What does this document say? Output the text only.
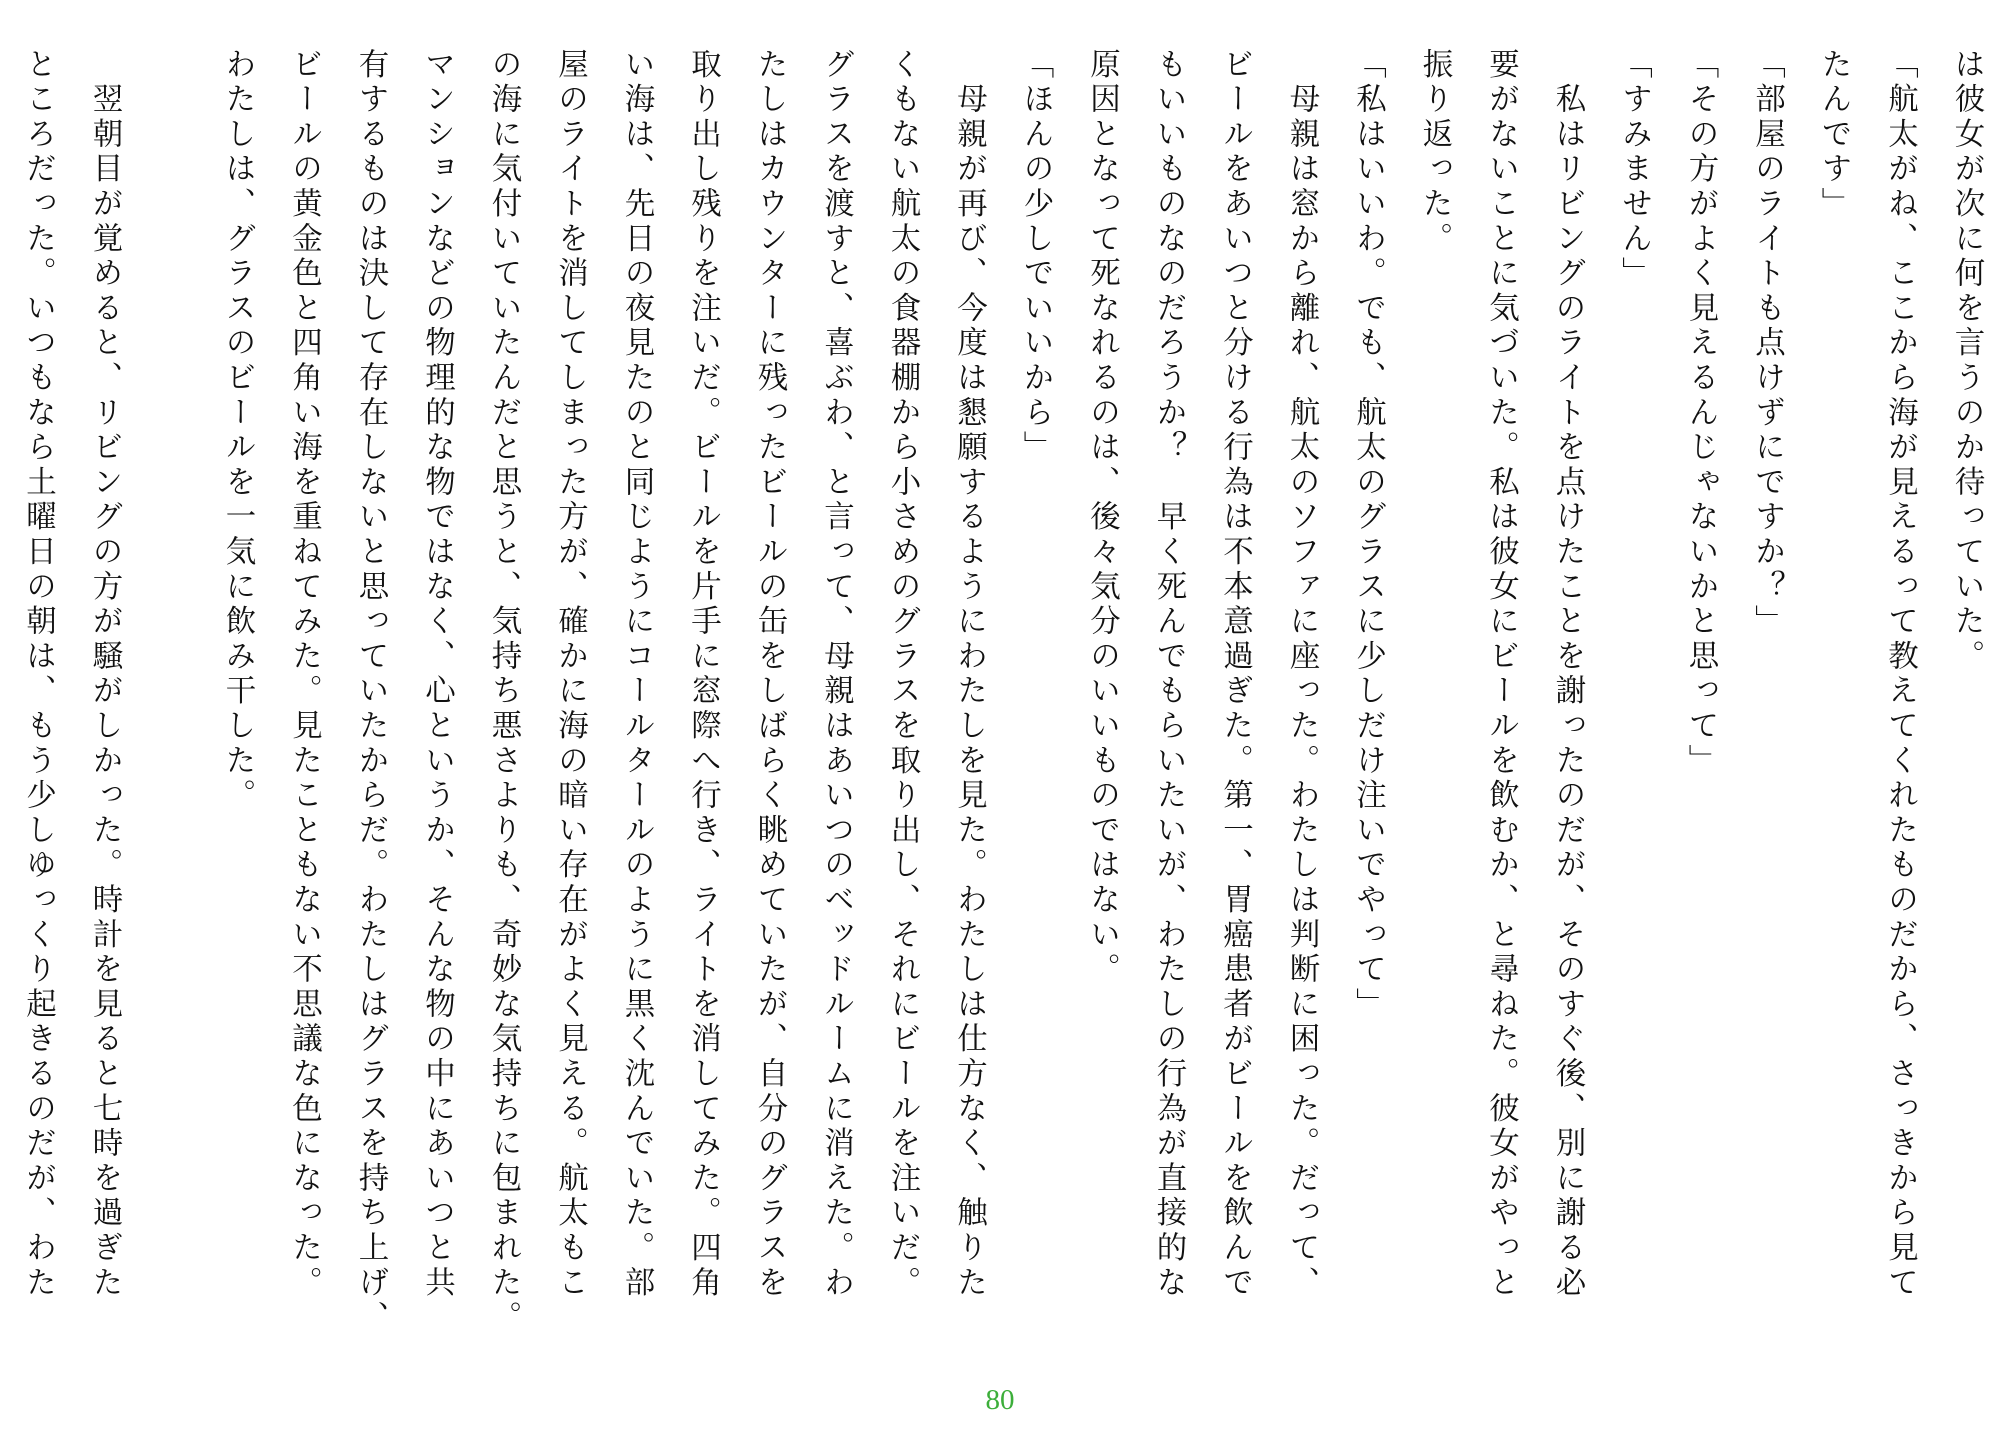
は彼女が次に何を言うのか待っていた。
「航太がね、ここから海が見えるって教えてくれたものだから、さっきから見て
たんです」
「部屋のライトも点けずにですか？」
「その方がよく見えるんじゃないかと思って」
「すみません」
　私はリビングのライトを点けたことを謝ったのだが、そのすぐ後、別に謝る必
要がないことに気づいた。私は彼女にビールを飲むか、と尋ねた。彼女がやっと
振り返った。
「私はいいわ。でも、航太のグラスに少しだけ注いでやって」
　母親は窓から離れ、航太のソファに座った。わたしは判断に困った。だって、
ビールをあいつと分ける行為は不本意過ぎた。第一、胃癌患者がビールを飲んで
もいいものなのだろうか？　早く死んでもらいたいが、わたしの行為が直接的な
原因となって死なれるのは、後々気分のいいものではない。
「ほんの少しでいいから」
　母親が再び、今度は懇願するようにわたしを見た。わたしは仕方なく、触りた
くもない航太の食器棚から小さめのグラスを取り出し、それにビールを注いだ。
グラスを渡すと、喜ぶわ、と言って、母親はあいつのベッドルームに消えた。わ
たしはカウンターに残ったビールの缶をしばらく眺めていたが、自分のグラスを
取り出し残りを注いだ。ビールを片手に窓際へ行き、ライトを消してみた。四角
い海は、先日の夜見たのと同じようにコールタールのように黒く沈んでいた。部
屋のライトを消してしまった方が、確かに海の暗い存在がよく見える。航太もこ
の海に気付いていたんだと思うと、気持ち悪さよりも、奇妙な気持ちに包まれた。
マンションなどの物理的な物ではなく、心というか、そんな物の中にあいつと共
有するものは決して存在しないと思っていたからだ。わたしはグラスを持ち上げ、
ビールの黄金色と四角い海を重ねてみた。見たこともない不思議な色になった。
わたしは、グラスのビールを一気に飲み干した。

　翌朝目が覚めると、リビングの方が騒がしかった。時計を見ると七時を過ぎた
ところだった。いつもなら土曜日の朝は、もう少しゆっくり起きるのだが、わた
80
